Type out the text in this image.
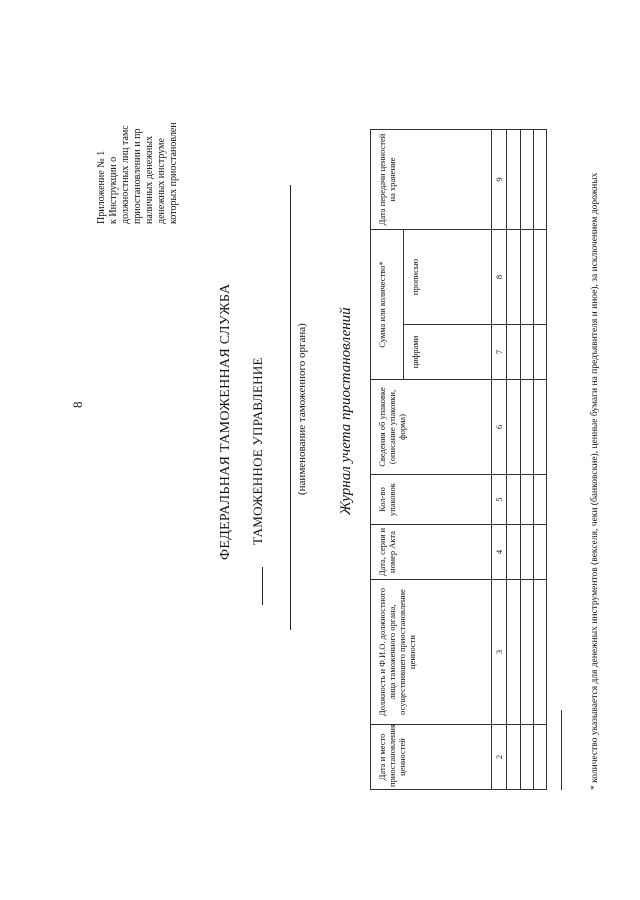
8
Приложение № 1 к Инструкции о должностных лиц тамс приостановлении и пр наличных денежных денежных инструме которых приостановлен
ФЕДЕРАЛЬНАЯ ТАМОЖЕННАЯ СЛУЖБА ТАМОЖЕННОЕ УПРАВЛЕНИЕ	(наименование таможенного органа) Журнал учета приостановлений
Дата и место приостановления ценностей	Должность и Ф.И.О. должностного лица таможенного органа, осуществившего приостановление ценности	Дата, серия и номер Акта	Кол-во упаковок	Сведения об упаковке (описание упаковки, форма)	Сумма или количество*		Дата передачи ценностей на хранение
					цифрами	прописью	
2	3	4	5	6	7	8	9

								* количество указывается для денежных инструментов (векселя, чеки (банковские), ценные бумаги на предъявителя и иное), за исключением дорожных
